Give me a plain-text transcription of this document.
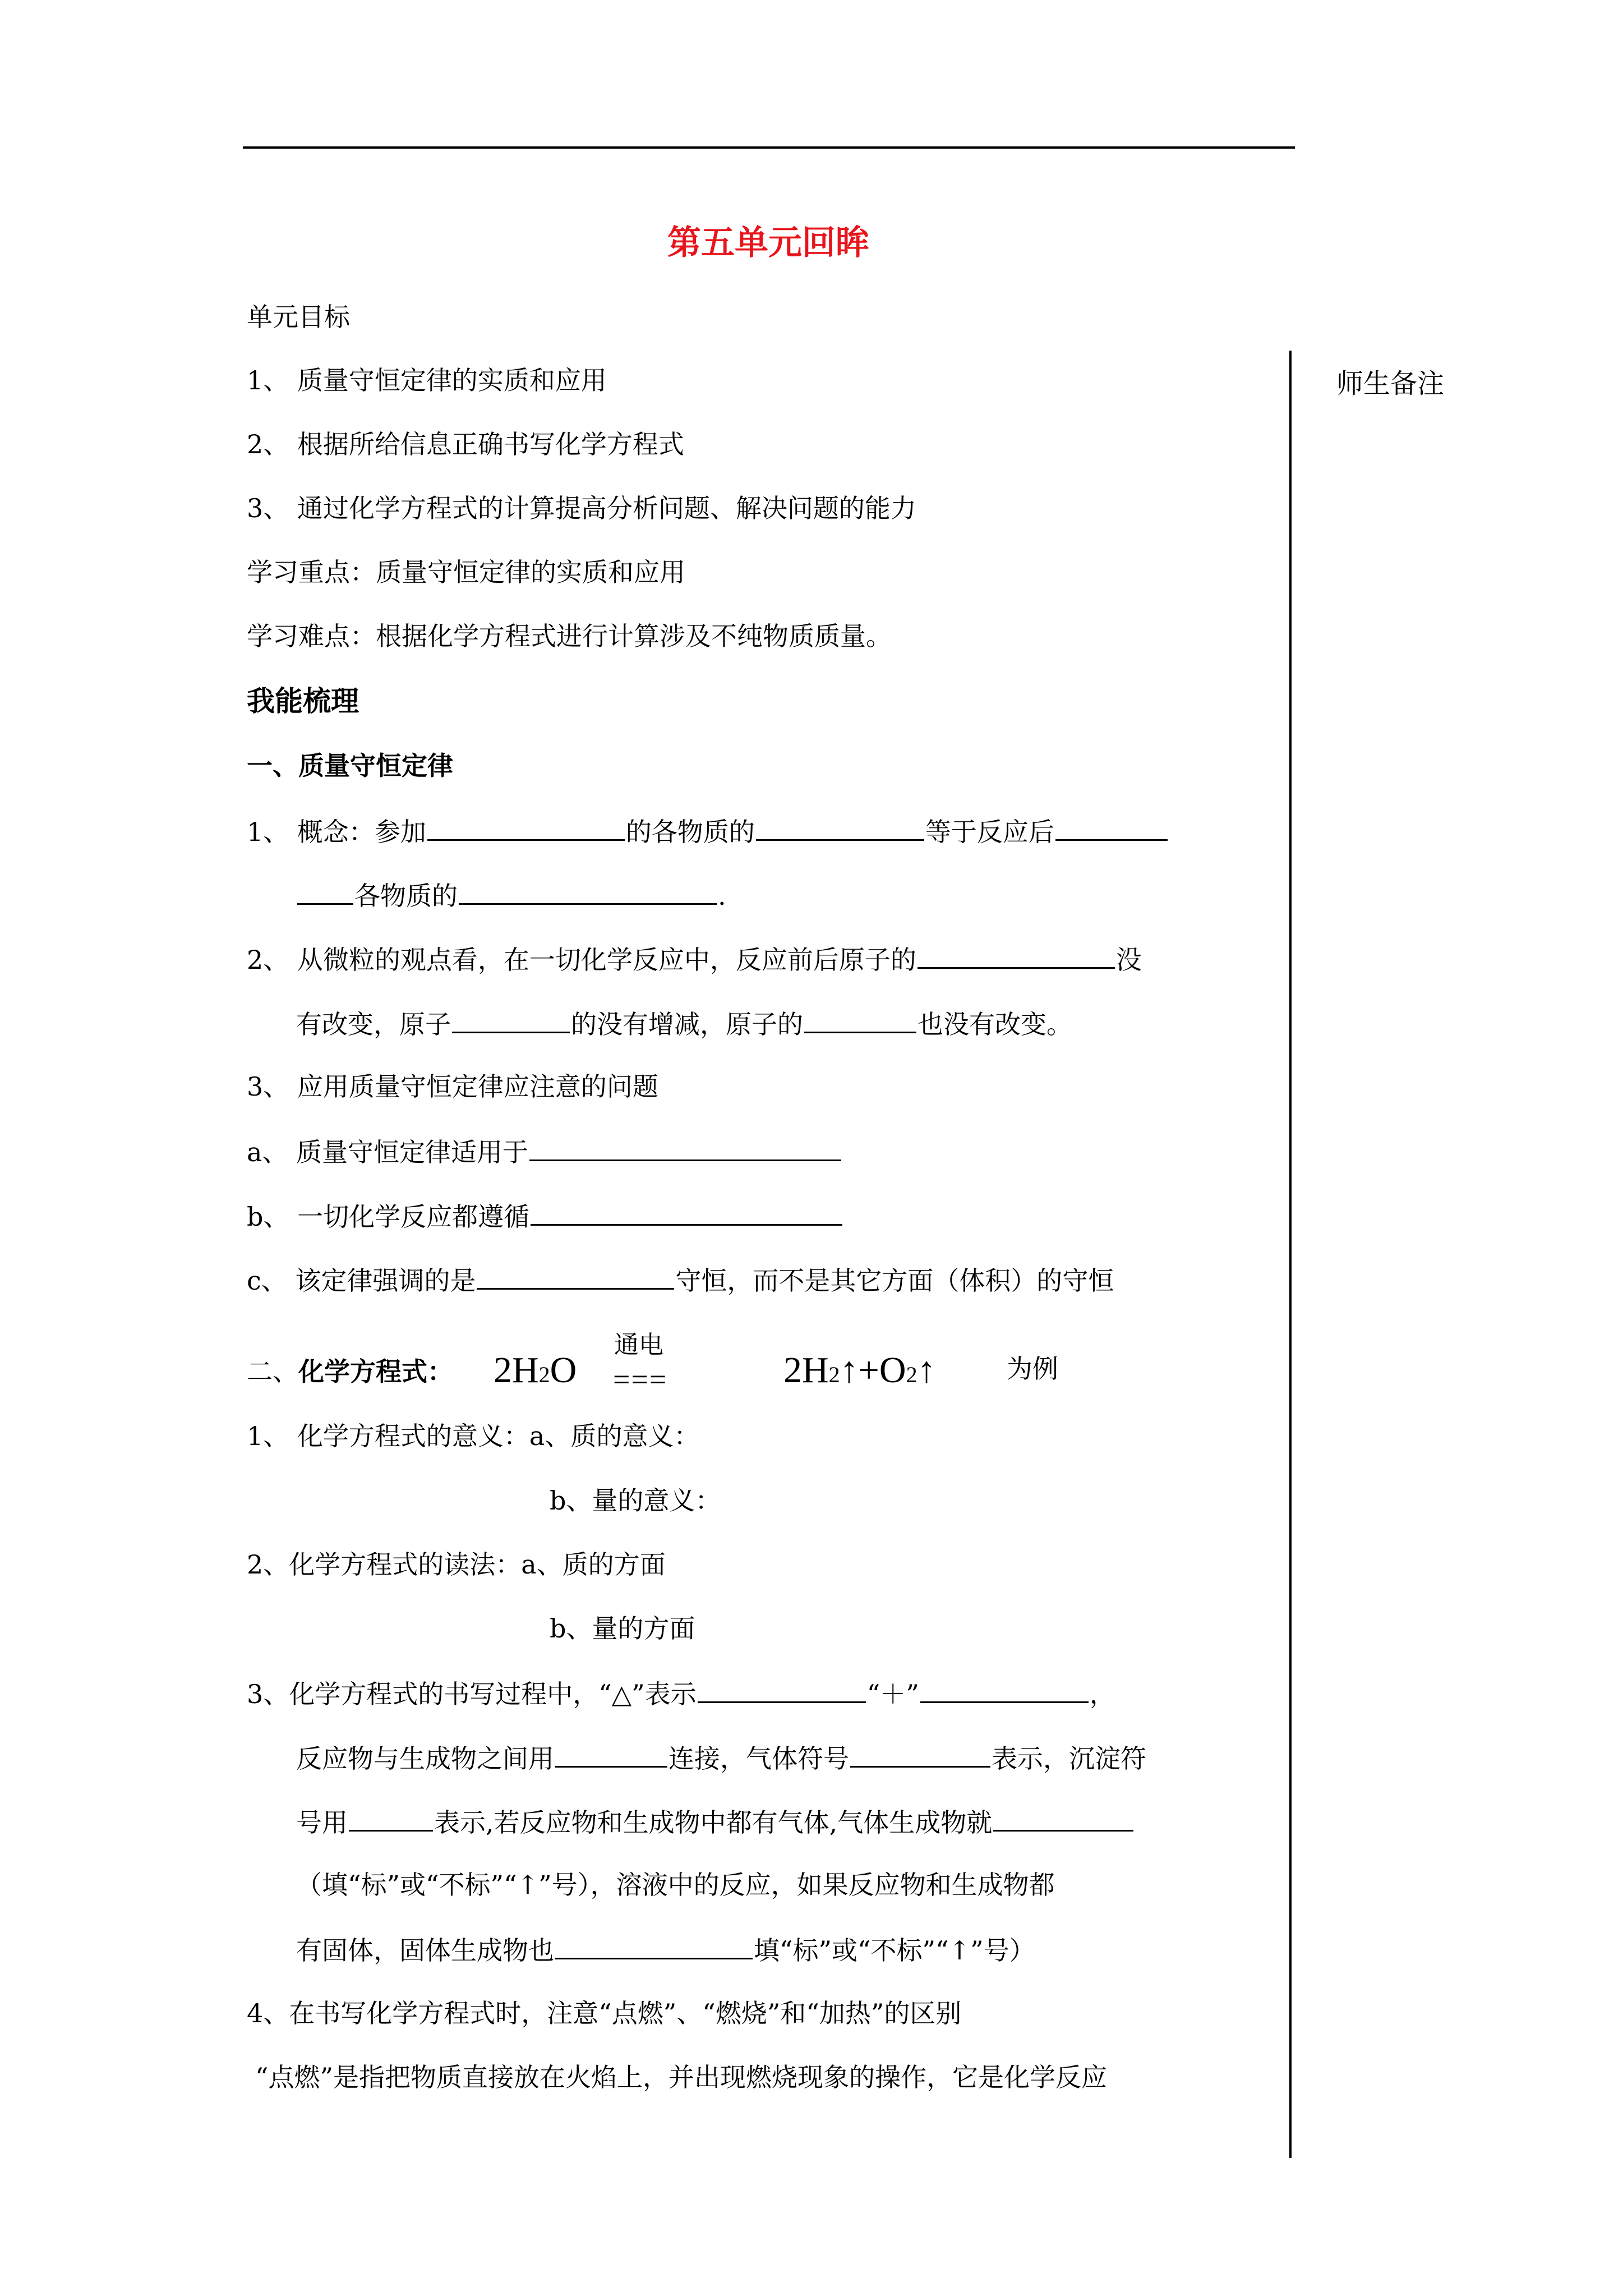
第五单元回眸
师生备注
单元目标
1、 质量守恒定律的实质和应用
2、 根据所给信息正确书写化学方程式
3、 通过化学方程式的计算提高分析问题、解决问题的能力
学习重点：质量守恒定律的实质和应用
学习难点：根据化学方程式进行计算涉及不纯物质质量。
我能梳理
一、质量守恒定律
1、 概念：参加	的各物质的	等于反应后
各物质的	.
2、 从微粒的观点看，在一切化学反应中，反应前后原子的	没
有改变，原子	的没有增减，原子的	也没有改变。
3、 应用质量守恒定律应注意的问题
a、 质量守恒定律适用于
b、 一切化学反应都遵循
c、 该定律强调的是	守恒，而不是其它方面（体积）的守恒
二、化学方程式： 2H2O
通电
===	2H2↑+O2↑	为例
1、 化学方程式的意义：a、质的意义：
b、量的意义：
2、化学方程式的读法：a、质的方面
b、量的方面
3、化学方程式的书写过程中，“△”表示	“＋”	，
反应物与生成物之间用	连接，气体符号	表示，沉淀符
号用	表示,若反应物和生成物中都有气体,气体生成物就
（填“标”或“不标”“↑”号），溶液中的反应，如果反应物和生成物都
有固体，固体生成物也	填“标”或“不标”“↑”号）
4、在书写化学方程式时，注意“点燃”、“燃烧”和“加热”的区别
“点燃”是指把物质直接放在火焰上，并出现燃烧现象的操作，它是化学反应
